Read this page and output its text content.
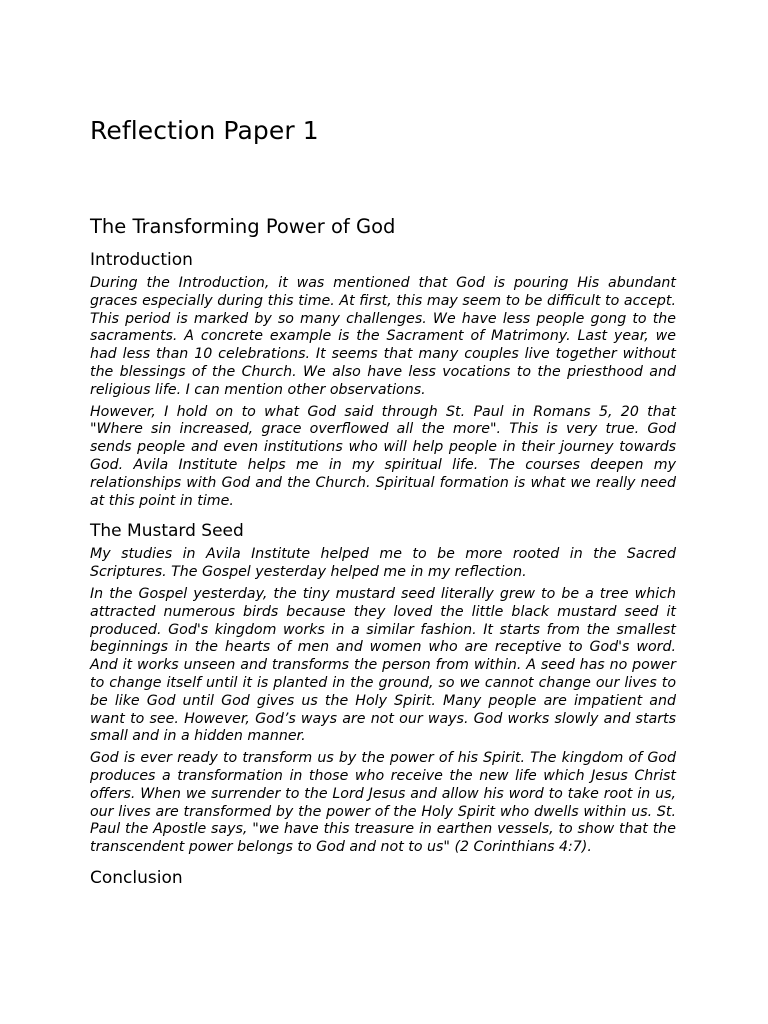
Reflection Paper 1
The Transforming Power of God
Introduction

During the Introduction, it was mentioned that God is pouring His abundant graces especially during this time. At first, this may seem to be difficult to accept. This period is marked by so many challenges. We have less people gong to the sacraments. A concrete example is the Sacrament of Matrimony. Last year, we had less than 10 celebrations. It seems that many couples live together without the blessings of the Church. We also have less vocations to the priesthood and religious life. I can mention other observations.

However, I hold on to what God said through St. Paul in Romans 5, 20 that "Where sin increased, grace overflowed all the more". This is very true. God sends people and even institutions who will help people in their journey towards God. Avila Institute helps me in my spiritual life. The courses deepen my relationships with God and the Church. Spiritual formation is what we really need at this point in time.

The Mustard Seed

My studies in Avila Institute helped me to be more rooted in the Sacred Scriptures. The Gospel yesterday helped me in my reflection.

In the Gospel yesterday, the tiny mustard seed literally grew to be a tree which attracted numerous birds because they loved the little black mustard seed it produced. God's kingdom works in a similar fashion. It starts from the smallest beginnings in the hearts of men and women who are receptive to God's word. And it works unseen and transforms the person from within. A seed has no power to change itself until it is planted in the ground, so we cannot change our lives to be like God until God gives us the Holy Spirit. Many people are impatient and want to see. However, God’s ways are not our ways. God works slowly and starts small and in a hidden manner.

God is ever ready to transform us by the power of his Spirit. The kingdom of God produces a transformation in those who receive the new life which Jesus Christ offers. When we surrender to the Lord Jesus and allow his word to take root in us, our lives are transformed by the power of the Holy Spirit who dwells within us. St. Paul the Apostle says, "we have this treasure in earthen vessels, to show that the transcendent power belongs to God and not to us" (2 Corinthians 4:7).

Conclusion
